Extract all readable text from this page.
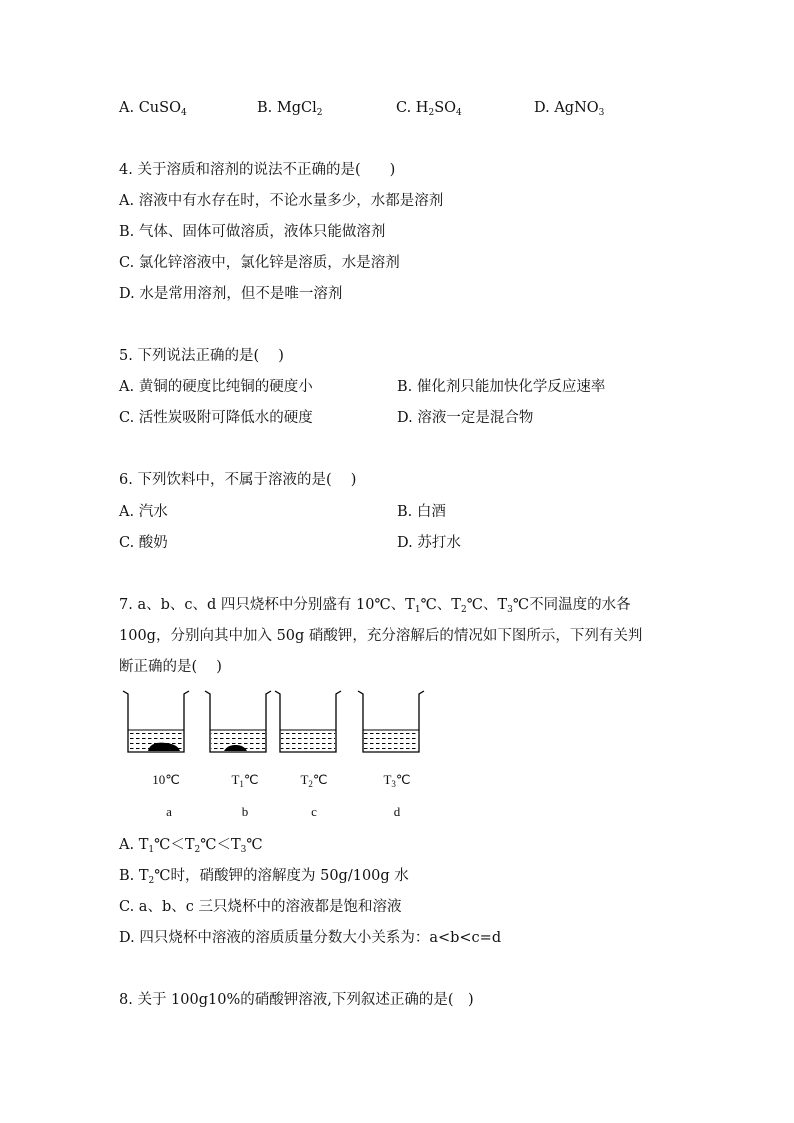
A. CuSO$_4$	B. MgCl$_2$	C. $H_2SO_4$	D. AgNO$_3$
4. 关于溶质和溶剂的说法不正确的是(　　)
A. 溶液中有水存在时，不论水量多少，水都是溶剂
B. 气体、固体可做溶质，液体只能做溶剂
C. 氯化锌溶液中，氯化锌是溶质，水是溶剂
D. 水是常用溶剂，但不是唯一溶剂
5. 下列说法正确的是(　 )
A. 黄铜的硬度比纯铜的硬度小	B. 催化剂只能加快化学反应速率
C. 活性炭吸附可降低水的硬度	D. 溶液一定是混合物
6. 下列饮料中，不属于溶液的是(　 )
A. 汽水	B. 白酒
C. 酸奶	D. 苏打水
7. a、b、c、d 四只烧杯中分别盛有 10℃、$T_1℃$、$T_2℃$、$T_3℃$不同温度的水各
100g，分别向其中加入 50g 硝酸钾，充分溶解后的情况如下图所示，下列有关判
断正确的是(　 )
10℃	$T_1℃$	$T_2℃$	$T_3℃$
a	b	c	d
A. $T_1℃<T_2℃<T_3℃$
B. $T_2℃$时，硝酸钾的溶解度为 50g/100g 水
C. a、b、c 三只烧杯中的溶液都是饱和溶液
D. 四只烧杯中溶液的溶质质量分数大小关系为：a<b<c=d
8. 关于 100g10%的硝酸钾溶液,下列叙述正确的是(　)
